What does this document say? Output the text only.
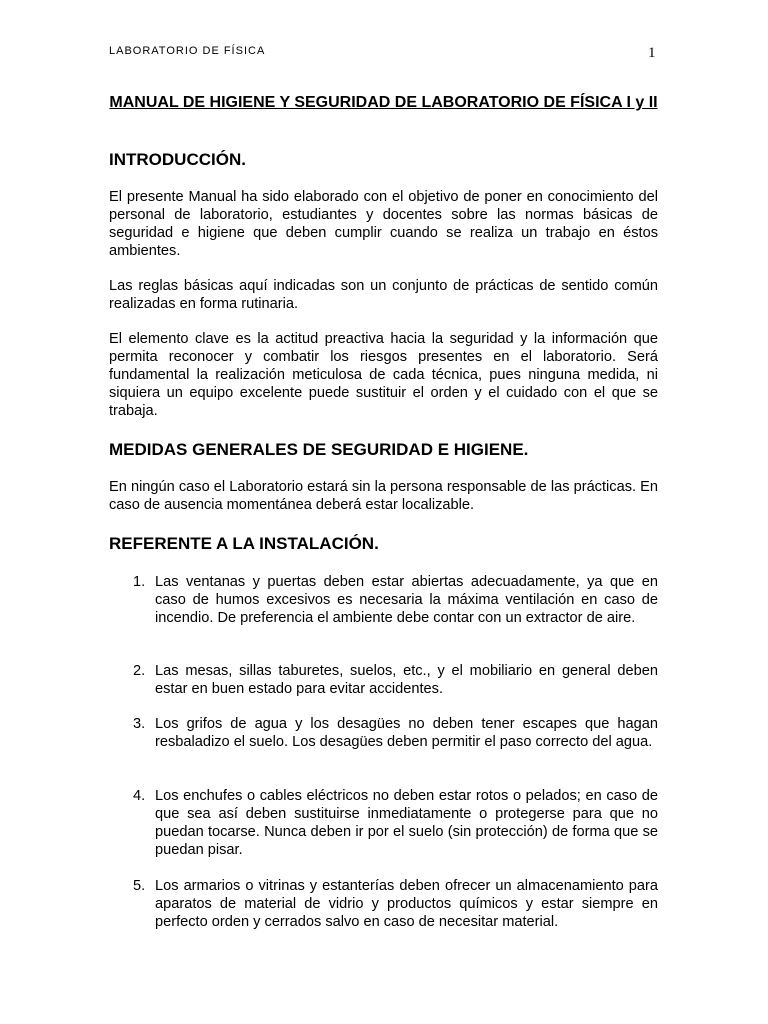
LABORATORIO DE FÍSICA	1
MANUAL DE HIGIENE Y SEGURIDAD DE LABORATORIO DE FÍSICA I y II
INTRODUCCIÓN.

El presente Manual ha sido elaborado con el objetivo de poner en conocimiento del personal de laboratorio, estudiantes y docentes sobre las normas básicas de seguridad e higiene que deben cumplir cuando se realiza un trabajo en éstos ambientes.

Las reglas básicas aquí indicadas son un conjunto de prácticas de sentido común realizadas en forma rutinaria.

El elemento clave es la actitud preactiva hacia la seguridad y la información que permita reconocer y combatir los riesgos presentes en el laboratorio. Será fundamental la realización meticulosa de cada técnica, pues ninguna medida, ni siquiera un equipo excelente puede sustituir el orden y el cuidado con el que se trabaja.

MEDIDAS GENERALES DE SEGURIDAD E HIGIENE.

En ningún caso el Laboratorio estará sin la persona responsable de las prácticas. En caso de ausencia momentánea deberá estar localizable.

REFERENTE A LA INSTALACIÓN.
1. Las ventanas y puertas deben estar abiertas adecuadamente, ya que en caso de humos excesivos es necesaria la máxima ventilación en caso de incendio. De preferencia el ambiente debe contar con un extractor de aire.

2. Las mesas, sillas taburetes, suelos, etc., y el mobiliario en general deben estar en buen estado para evitar accidentes.

3. Los grifos de agua y los desagües no deben tener escapes que hagan resbaladizo el suelo. Los desagües deben permitir el paso correcto del agua.

4. Los enchufes o cables eléctricos no deben estar rotos o pelados; en caso de que sea así deben sustituirse inmediatamente o protegerse para que no puedan tocarse. Nunca deben ir por el suelo (sin protección) de forma que se puedan pisar.

5. Los armarios o vitrinas y estanterías deben ofrecer un almacenamiento para aparatos de material de vidrio y productos químicos y estar siempre en perfecto orden y cerrados salvo en caso de necesitar material.
